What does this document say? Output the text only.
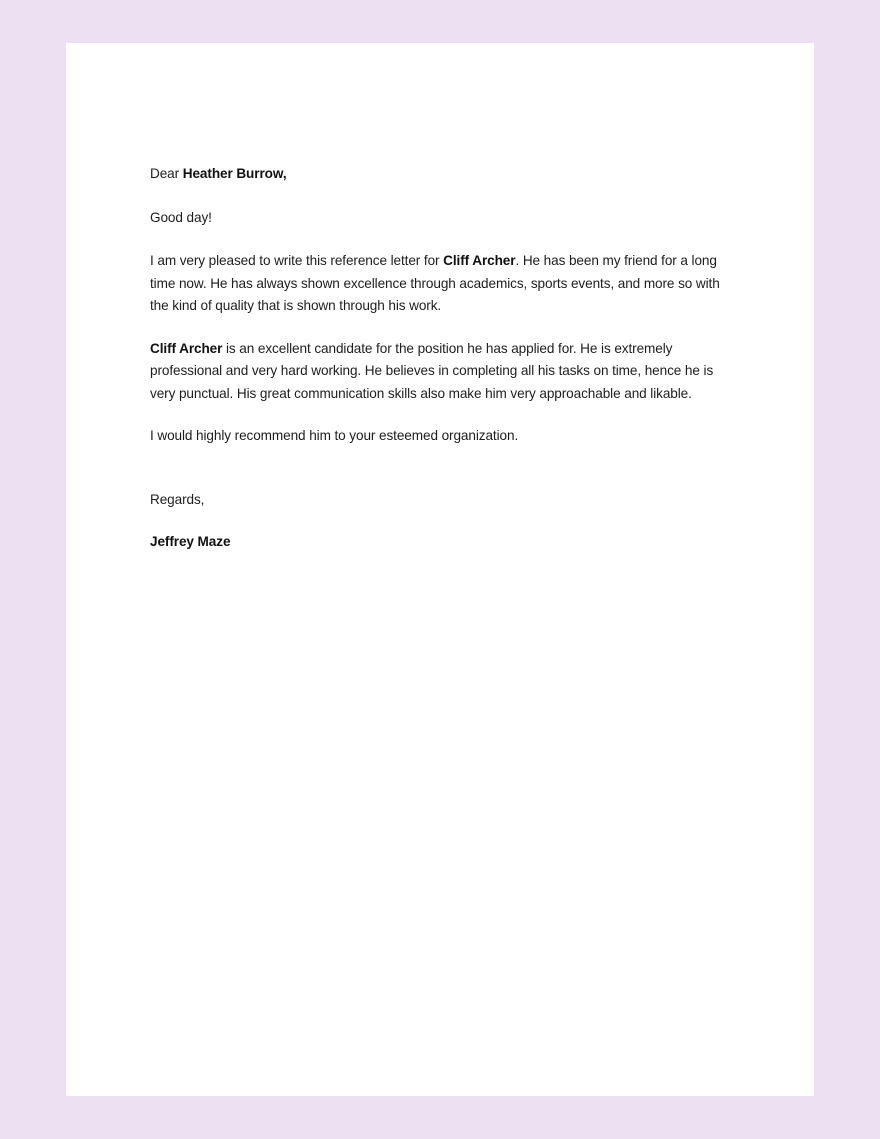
Dear Heather Burrow,

Good day!

I am very pleased to write this reference letter for Cliff Archer. He has been my friend for a long time now. He has always shown excellence through academics, sports events, and more so with the kind of quality that is shown through his work.

Cliff Archer is an excellent candidate for the position he has applied for. He is extremely professional and very hard working. He believes in completing all his tasks on time, hence he is very punctual. His great communication skills also make him very approachable and likable.

I would highly recommend him to your esteemed organization.

Regards,

Jeffrey Maze
